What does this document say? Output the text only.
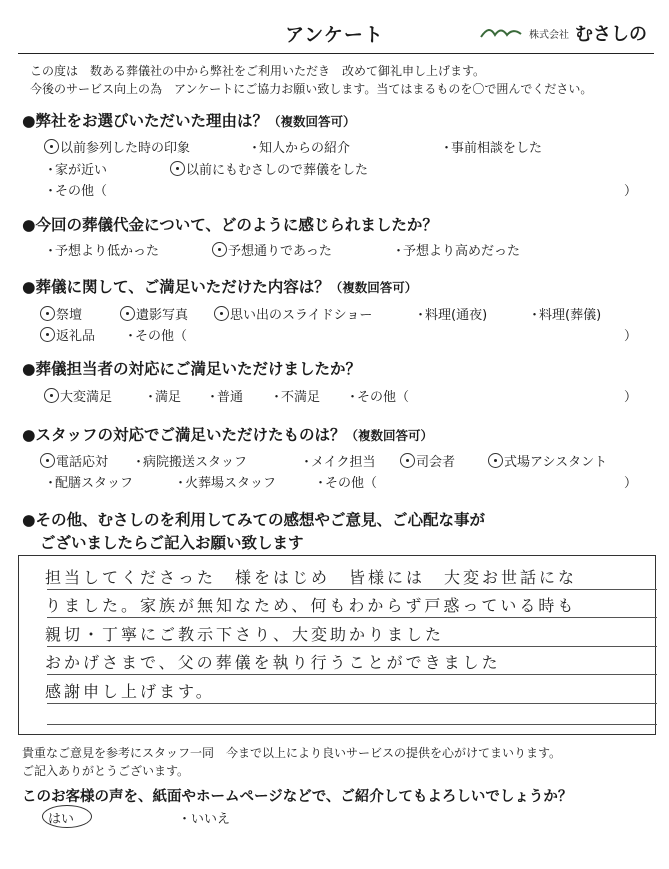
アンケート	株式会社 むさしの
この度は　数ある葬儀社の中から弊社をご利用いただき　改めて御礼申し上げます。
今後のサービス向上の為　アンケートにご協力お願い致します。当てはまるものを〇で囲んでください。
●弊社をお選びいただいた理由は？（複数回答可）
以前参列した時の印象	・知人からの紹介	・事前相談をした
・家が近い	以前にもむさしので葬儀をした
・その他（	）
●今回の葬儀代金について、どのように感じられましたか？
・予想より低かった	予想通りであった	・予想より高めだった
●葬儀に関して、ご満足いただけた内容は？（複数回答可）
祭壇	遺影写真	思い出のスライドショー	・料理(通夜)	・料理(葬儀)
返礼品 ・その他（	）
●葬儀担当者の対応にご満足いただけましたか？
大変満足 ・満足 ・普通 ・不満足 ・その他（	）
●スタッフの対応でご満足いただけたものは？（複数回答可）
電話応対 ・病院搬送スタッフ	・メイク担当	司会者	式場アシスタント
・配膳スタッフ	・火葬場スタッフ	・その他（	）
●その他、むさしのを利用してみての感想やご意見、ご心配な事が
ございましたらご記入お願い致します
担当してくださった　様をはじめ　皆様には　大変お世話にな
りました。家族が無知なため、何もわからず戸惑っている時も
親切・丁寧にご教示下さり、大変助かりました
おかげさまで、父の葬儀を執り行うことができました
感謝申し上げます。
貴重なご意見を参考にスタッフ一同　今まで以上により良いサービスの提供を心がけてまいります。
ご記入ありがとうございます。
このお客様の声を、紙面やホームページなどで、ご紹介してもよろしいでしょうか？
はい	・いいえ
